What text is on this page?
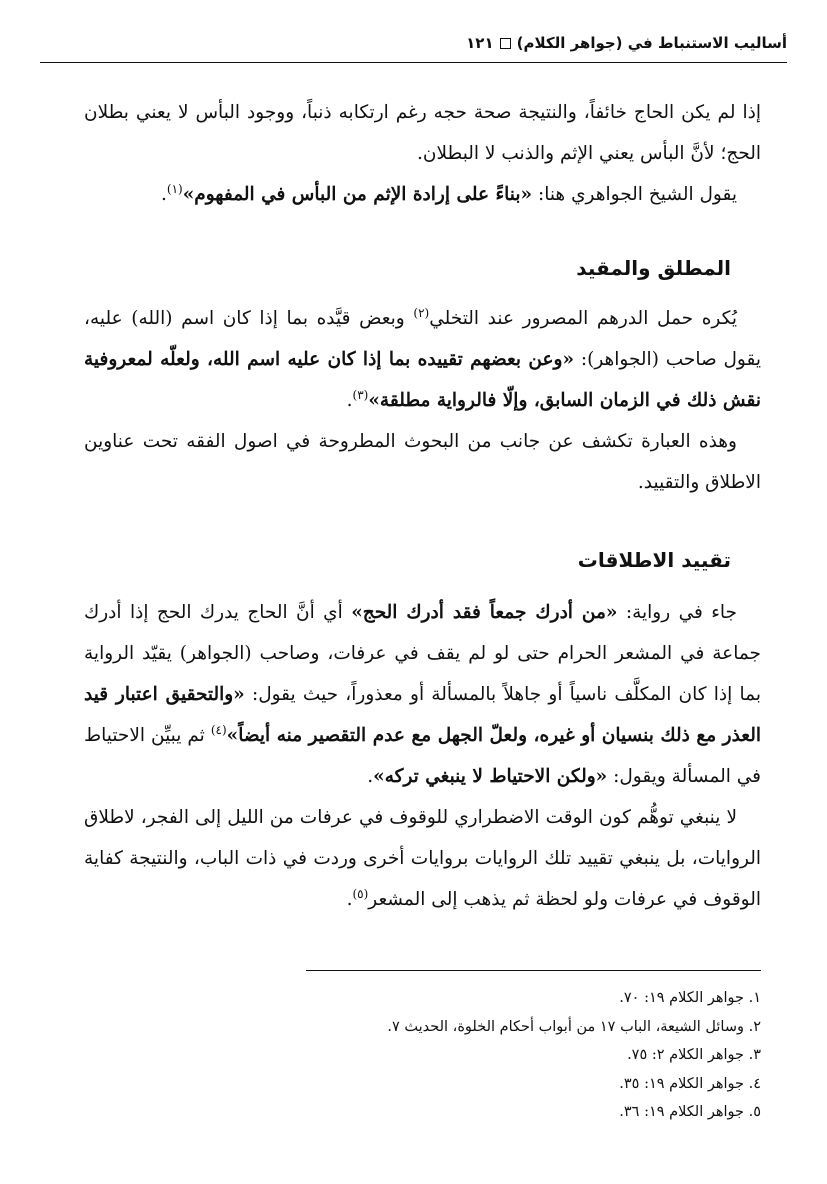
أساليب الاستنباط في (جواهر الكلام)١٢١

إذا لم يكن الحاج خائفاً، والنتيجة صحة حجه رغم ارتكابه ذنباً، ووجود البأس لا يعني بطلان الحج؛ لأنَّ البأس يعني الإثم والذنب لا البطلان.

يقول الشيخ الجواهري هنا: «بناءً على إرادة الإثم من البأس في المفهوم»$^{(١)}$.

المطلق والمقيد

يُكره حمل الدرهم المصرور عند التخلي$^{(٢)}$ وبعض قيَّده بما إذا كان اسم (الله) عليه، يقول صاحب (الجواهر): «وعن بعضهم تقييده بما إذا كان عليه اسم الله، ولعلّه لمعروفية نقش ذلك في الزمان السابق، وإلّا فالرواية مطلقة»$^{(٣)}$.

وهذه العبارة تكشف عن جانب من البحوث المطروحة في اصول الفقه تحت عناوين الاطلاق والتقييد.

تقييد الاطلاقات

جاء في رواية: «من أدرك جمعاً فقد أدرك الحج» أي أنَّ الحاج يدرك الحج إذا أدرك جماعة في المشعر الحرام حتى لو لم يقف في عرفات، وصاحب (الجواهر) يقيّد الرواية بما إذا كان المكلَّف ناسياً أو جاهلاً بالمسألة أو معذوراً، حيث يقول: «والتحقيق اعتبار قيد العذر مع ذلك بنسيان أو غيره، ولعلّ الجهل مع عدم التقصير منه أيضاً»$^{(٤)}$ ثم يبيِّن الاحتياط في المسألة ويقول: «ولكن الاحتياط لا ينبغي تركه».

لا ينبغي توهُّم كون الوقت الاضطراري للوقوف في عرفات من الليل إلى الفجر، لاطلاق الروايات، بل ينبغي تقييد تلك الروايات بروايات أخرى وردت في ذات الباب، والنتيجة كفاية الوقوف في عرفات ولو لحظة ثم يذهب إلى المشعر$^{(٥)}$.

١. جواهر الكلام ١٩: ٧٠.
٢. وسائل الشيعة، الباب ١٧ من أبواب أحكام الخلوة، الحديث ٧.
٣. جواهر الكلام ٢: ٧٥.
٤. جواهر الكلام ١٩: ٣٥.
٥. جواهر الكلام ١٩: ٣٦.
